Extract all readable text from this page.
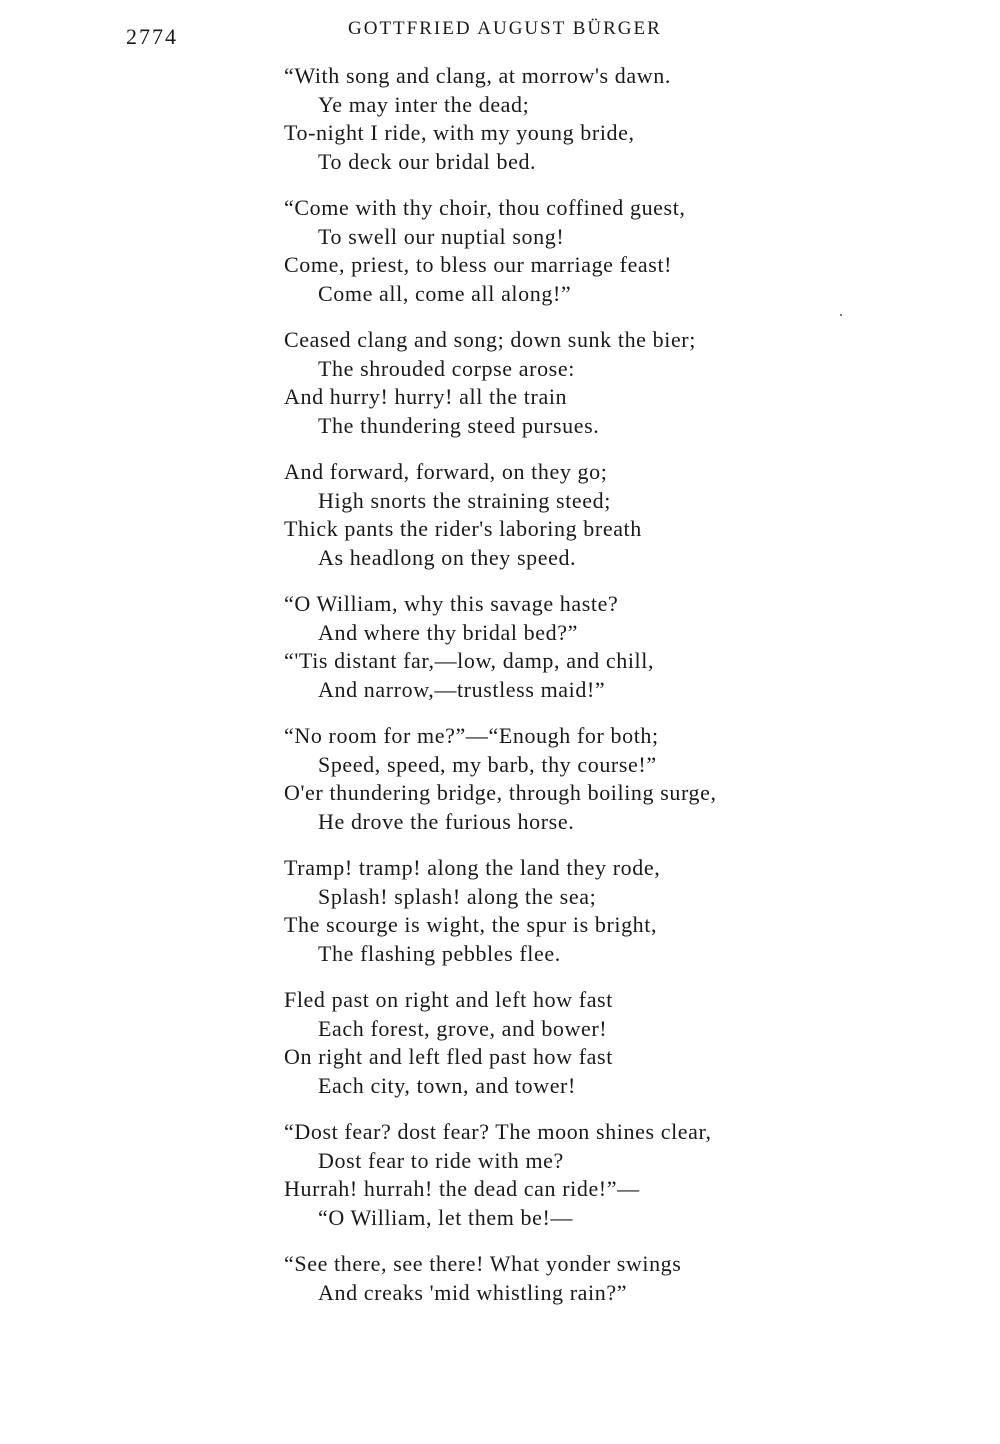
2774	GOTTFRIED AUGUST BÜRGER
“With song and clang, at morrow's dawn.
Ye may inter the dead;
To-night I ride, with my young bride,
To deck our bridal bed.
“Come with thy choir, thou coffined guest,
To swell our nuptial song!
Come, priest, to bless our marriage feast!
Come all, come all along!”
Ceased clang and song; down sunk the bier;
The shrouded corpse arose:
And hurry! hurry! all the train
The thundering steed pursues.
And forward, forward, on they go;
High snorts the straining steed;
Thick pants the rider's laboring breath
As headlong on they speed.
“O William, why this savage haste?
And where thy bridal bed?”
“'Tis distant far,—low, damp, and chill,
And narrow,—trustless maid!”
“No room for me?”—“Enough for both;
Speed, speed, my barb, thy course!”
O'er thundering bridge, through boiling surge,
He drove the furious horse.
Tramp! tramp! along the land they rode,
Splash! splash! along the sea;
The scourge is wight, the spur is bright,
The flashing pebbles flee.
Fled past on right and left how fast
Each forest, grove, and bower!
On right and left fled past how fast
Each city, town, and tower!
“Dost fear? dost fear? The moon shines clear,
Dost fear to ride with me?
Hurrah! hurrah! the dead can ride!”—
“O William, let them be!—
“See there, see there! What yonder swings
And creaks 'mid whistling rain?”
